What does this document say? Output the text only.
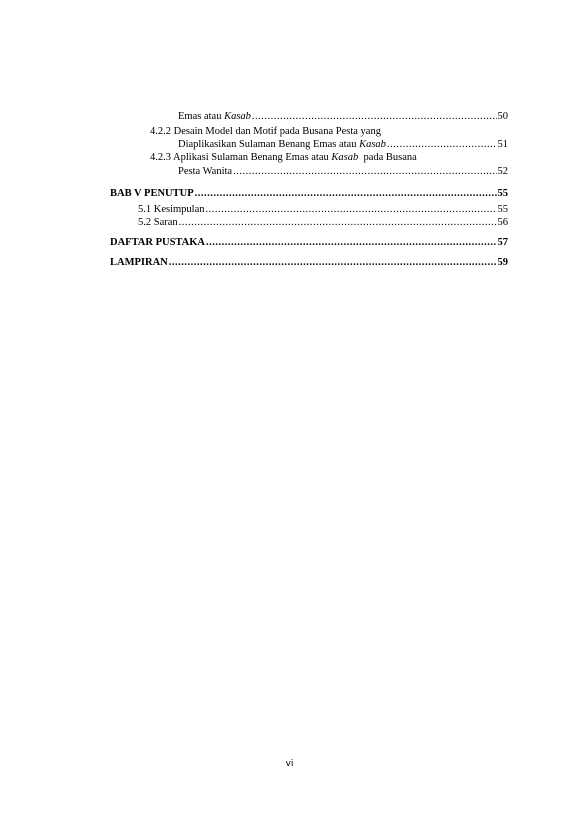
Emas atau Kasab .....	50
4.2.2 Desain Model dan Motif pada Busana Pesta yang
Diaplikasikan Sulaman Benang Emas atau Kasab .....	51
4.2.3 Aplikasi Sulaman Benang Emas atau Kasab  pada Busana
Pesta Wanita .....	52
BAB V PENUTUP .....	55
5.1 Kesimpulan .....	55
5.2 Saran .....	56
DAFTAR PUSTAKA .....	57
LAMPIRAN .....	59
vi
